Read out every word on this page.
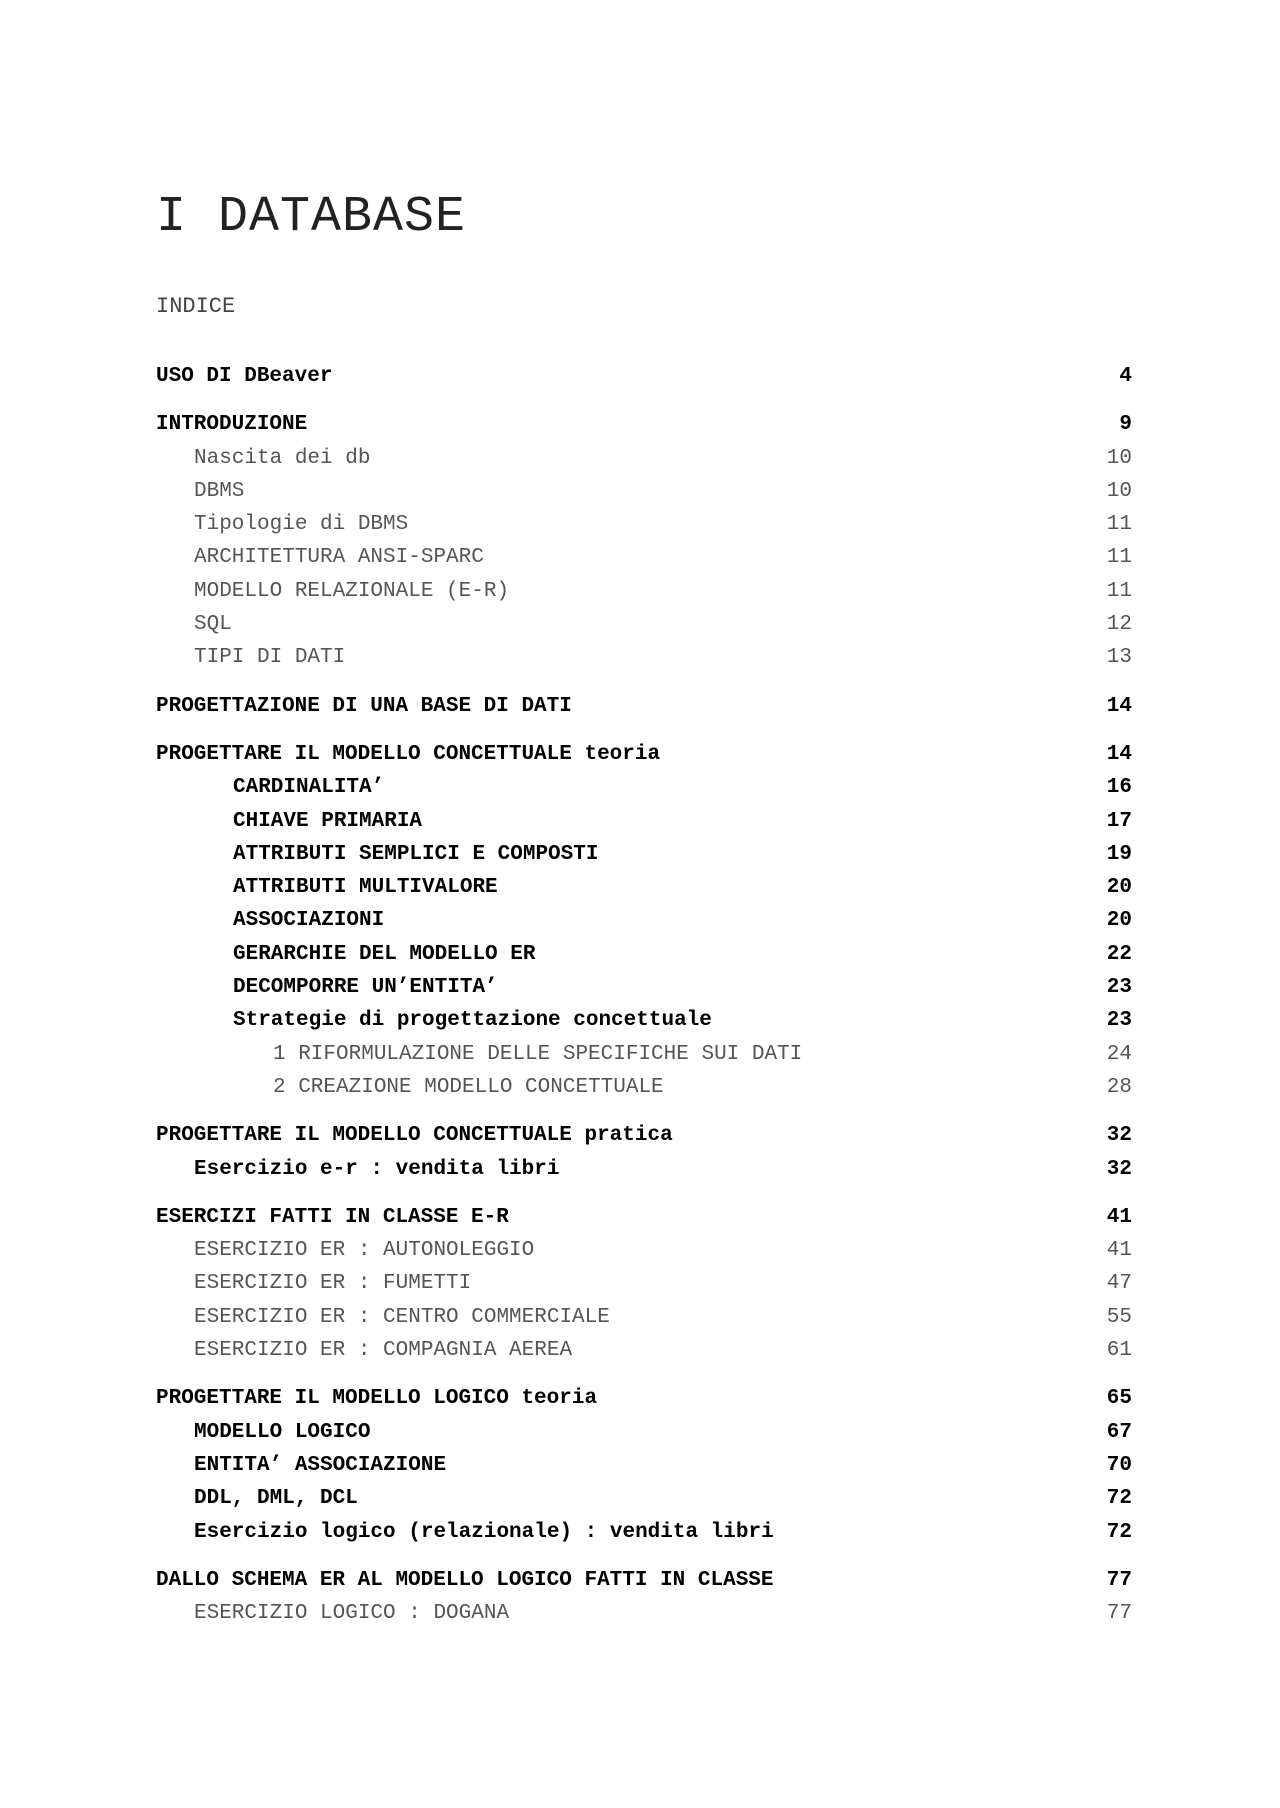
I DATABASE
INDICE
USO DI DBeaver	4
INTRODUZIONE	9
Nascita dei db	10
DBMS	10
Tipologie di DBMS	11
ARCHITETTURA ANSI-SPARC	11
MODELLO RELAZIONALE (E-R)	11
SQL	12
TIPI DI DATI	13
PROGETTAZIONE DI UNA BASE DI DATI	14
PROGETTARE IL MODELLO CONCETTUALE teoria	14
CARDINALITA’	16
CHIAVE PRIMARIA	17
ATTRIBUTI SEMPLICI E COMPOSTI	19
ATTRIBUTI MULTIVALORE	20
ASSOCIAZIONI	20
GERARCHIE DEL MODELLO ER	22
DECOMPORRE UN’ENTITA’	23
Strategie di progettazione concettuale	23
1 RIFORMULAZIONE DELLE SPECIFICHE SUI DATI	24
2 CREAZIONE MODELLO CONCETTUALE	28
PROGETTARE IL MODELLO CONCETTUALE pratica	32
Esercizio e-r : vendita libri	32
ESERCIZI FATTI IN CLASSE E-R	41
ESERCIZIO ER : AUTONOLEGGIO	41
ESERCIZIO ER : FUMETTI	47
ESERCIZIO ER : CENTRO COMMERCIALE	55
ESERCIZIO ER : COMPAGNIA AEREA	61
PROGETTARE IL MODELLO LOGICO teoria	65
MODELLO LOGICO	67
ENTITA’ ASSOCIAZIONE	70
DDL, DML, DCL	72
Esercizio logico (relazionale) : vendita libri	72
DALLO SCHEMA ER AL MODELLO LOGICO FATTI IN CLASSE	77
ESERCIZIO LOGICO : DOGANA	77
